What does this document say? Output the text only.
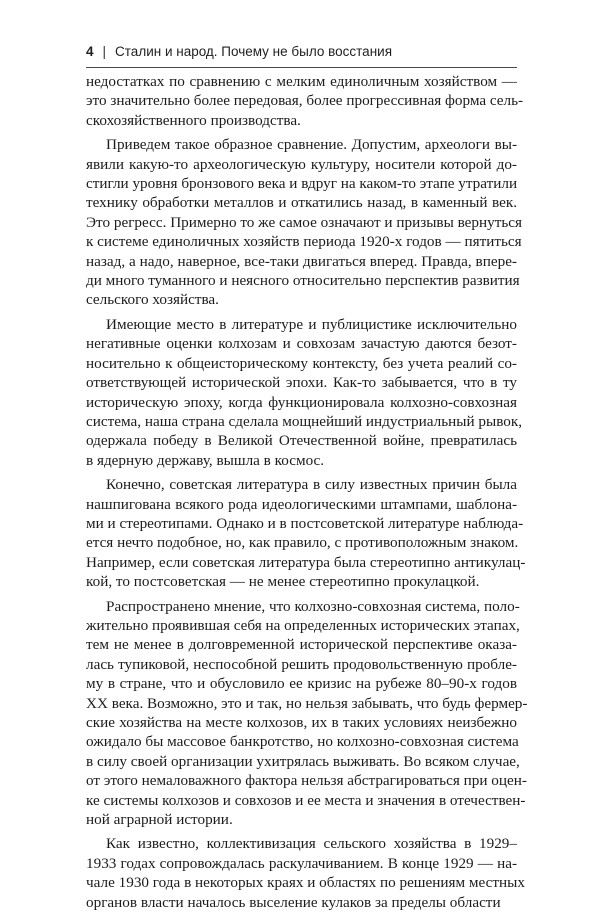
4 | Сталин и народ. Почему не было восстания

недостатках по сравнению с мелким единоличным хозяйством —
это значительно более передовая, более прогрессивная форма сель-
скохозяйственного производства.

Приведем такое образное сравнение. Допустим, археологи вы-
явили какую-то археологическую культуру, носители которой до-
стигли уровня бронзового века и вдруг на каком-то этапе утратили
технику обработки металлов и откатились назад, в каменный век.
Это регресс. Примерно то же самое означают и призывы вернуться
к системе единоличных хозяйств периода 1920-х годов — пятиться
назад, а надо, наверное, все-таки двигаться вперед. Правда, впере-
ди много туманного и неясного относительно перспектив развития
сельского хозяйства.

Имеющие место в литературе и публицистике исключительно
негативные оценки колхозам и совхозам зачастую даются безот-
носительно к общеисторическому контексту, без учета реалий со-
ответствующей исторической эпохи. Как-то забывается, что в ту
историческую эпоху, когда функционировала колхозно-совхозная
система, наша страна сделала мощнейший индустриальный рывок,
одержала победу в Великой Отечественной войне, превратилась
в ядерную державу, вышла в космос.

Конечно, советская литература в силу известных причин была
нашпигована всякого рода идеологическими штампами, шаблона-
ми и стереотипами. Однако и в постсоветской литературе наблюда-
ется нечто подобное, но, как правило, с противоположным знаком.
Например, если советская литература была стереотипно антикулац-
кой, то постсоветская — не менее стереотипно прокулацкой.

Распространено мнение, что колхозно-совхозная система, поло-
жительно проявившая себя на определенных исторических этапах,
тем не менее в долговременной исторической перспективе оказа-
лась тупиковой, неспособной решить продовольственную пробле-
му в стране, что и обусловило ее кризис на рубеже 80–90-х годов
XX века. Возможно, это и так, но нельзя забывать, что будь фермер-
ские хозяйства на месте колхозов, их в таких условиях неизбежно
ожидало бы массовое банкротство, но колхозно-совхозная система
в силу своей организации ухитрялась выживать. Во всяком случае,
от этого немаловажного фактора нельзя абстрагироваться при оцен-
ке системы колхозов и совхозов и ее места и значения в отечествен-
ной аграрной истории.

Как известно, коллективизация сельского хозяйства в 1929–
1933 годах сопровождалась раскулачиванием. В конце 1929 — на-
чале 1930 года в некоторых краях и областях по решениям местных
органов власти началось выселение кулаков за пределы области
